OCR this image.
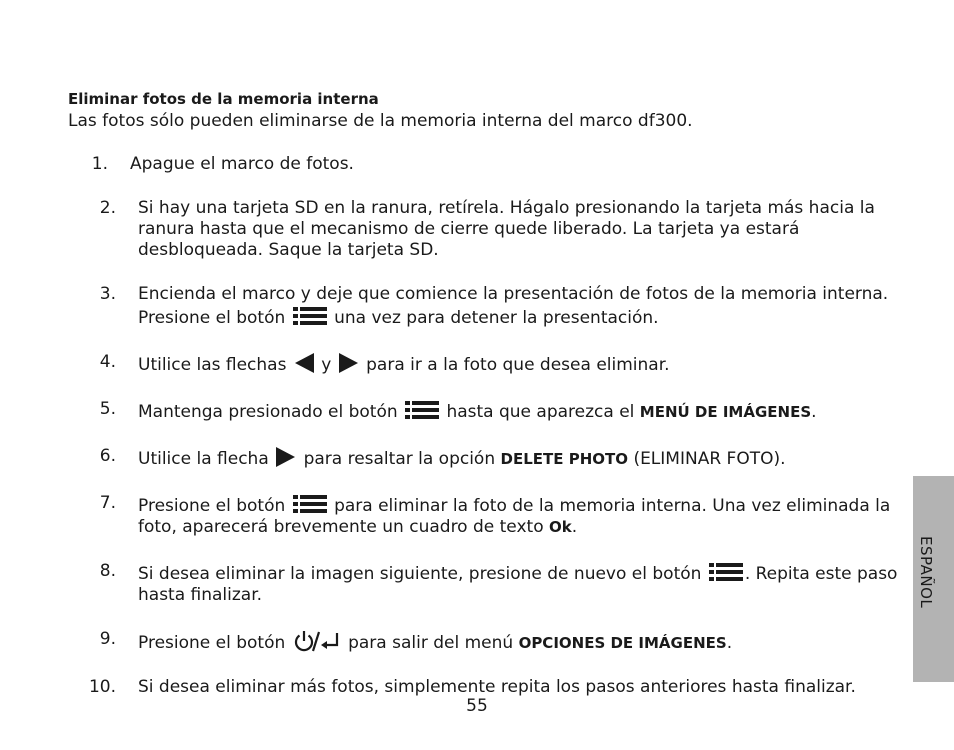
Eliminar fotos de la memoria interna

Las fotos sólo pueden eliminarse de la memoria interna del marco df300.

1. Apague el marco de fotos.
2. Si hay una tarjeta SD en la ranura, retírela. Hágalo presionando la tarjeta más hacia la ranura hasta que el mecanismo de cierre quede liberado. La tarjeta ya estará desbloqueada. Saque la tarjeta SD.
3. Encienda el marco y deje que comience la presentación de fotos de la memoria interna. Presione el botón	una vez para detener la presentación.
4. Utilice las flechas y para ir a la foto que desea eliminar.
5. Mantenga presionado el botón	hasta que aparezca el MENÚ DE IMÁGENES.
6. Utilice la flecha para resaltar la opción DELETE PHOTO (ELIMINAR FOTO).
7. Presione el botón	para eliminar la foto de la memoria interna. Una vez eliminada la foto, aparecerá brevemente un cuadro de texto Ok.
8. Si desea eliminar la imagen siguiente, presione de nuevo el botón	. Repita este paso hasta finalizar.
9. Presione el botón	para salir del menú OPCIONES DE IMÁGENES.
10. Si desea eliminar más fotos, simplemente repita los pasos anteriores hasta finalizar.
55
ESPAÑOL
